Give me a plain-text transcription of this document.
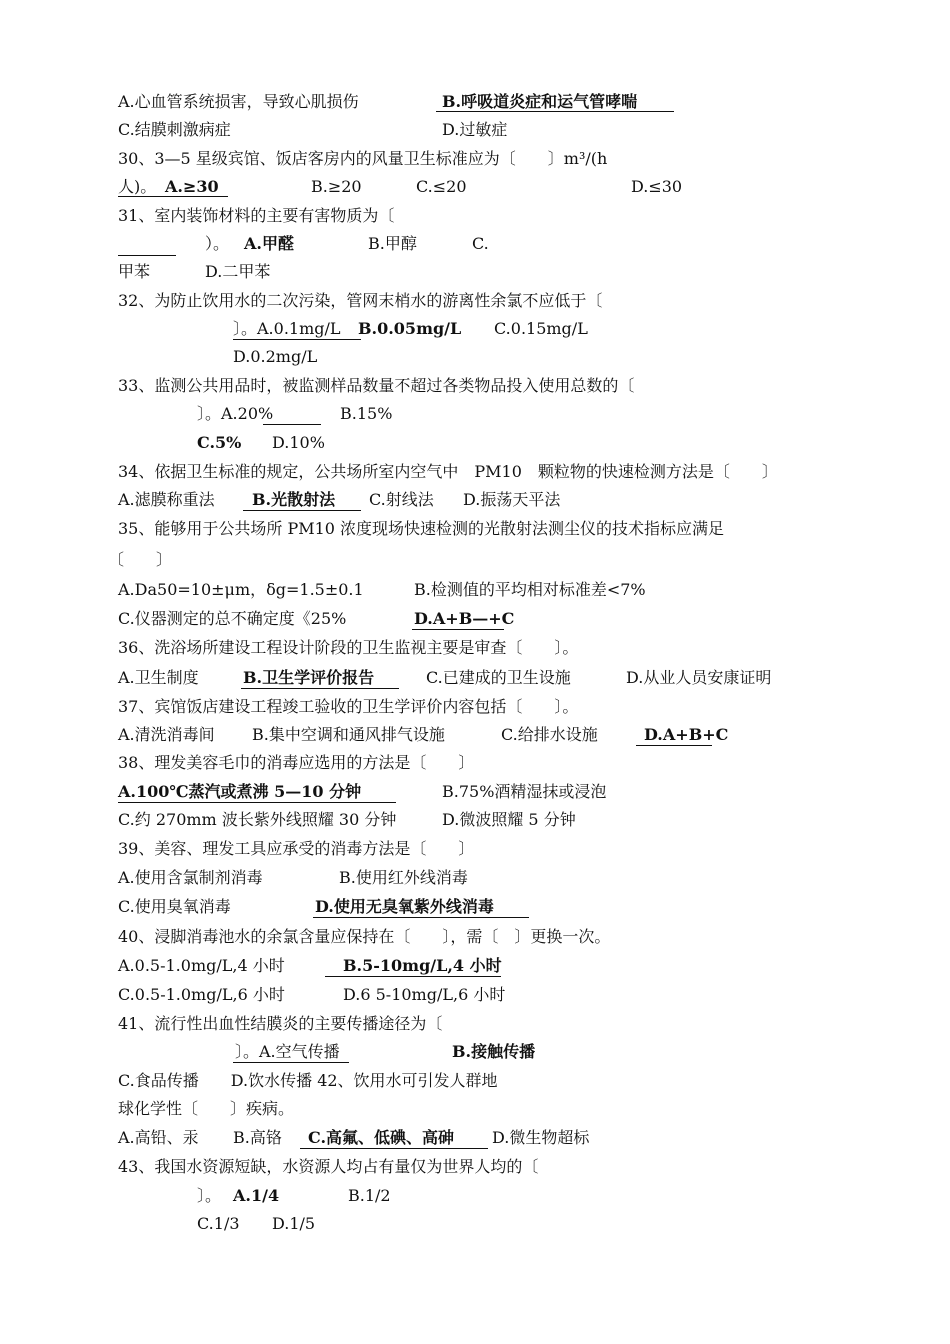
A.心血管系统损害，导致心肌损伤	B.呼吸道炎症和运气管哮喘
C.结膜刺激病症	D.过敏症
30、3—5 星级宾馆、饭店客房内的风量卫生标准应为〔　　〕m³/(h
人)。 A.≥30	B.≥20	C.≤20	D.≤30
31、室内装饰材料的主要有害物质为〔
）。 A.甲醛	B.甲醇	C.
甲苯	D.二甲苯
32、为防止饮用水的二次污染，管网末梢水的游离性余氯不应低于〔
〕。A.0.1mg/L B.0.05mg/L C.0.15mg/L
D.0.2mg/L
33、监测公共用品时，被监测样品数量不超过各类物品投入使用总数的〔
〕。A.20%	B.15%
C.5% D.10%
34、依据卫生标准的规定，公共场所室内空气中　PM10　颗粒物的快速检测方法是〔　　〕
A.滤膜称重法 B.光散射法 C.射线法 D.振荡天平法
35、能够用于公共场所 PM10 浓度现场快速检测的光散射法测尘仪的技术指标应满足
〔　　〕
A.Da50=10±μm，δg=1.5±0.1	B.检测值的平均相对标准差<7%
C.仪器测定的总不确定度《25%	D.A+B—+C
36、洗浴场所建设工程设计阶段的卫生监视主要是审查〔　　〕。
A.卫生制度	B.卫生学评价报告	C.已建成的卫生设施	D.从业人员安康证明
37、宾馆饭店建设工程竣工验收的卫生学评价内容包括〔　　〕。
A.清洗消毒间 B.集中空调和通风排气设施	C.给排水设施	D.A+B+C
38、理发美容毛巾的消毒应选用的方法是〔　　〕
A.100℃蒸汽或煮沸 5—10 分钟	B.75%酒精湿抹或浸泡
C.约 270mm 波长紫外线照耀 30 分钟	D.微波照耀 5 分钟
39、美容、理发工具应承受的消毒方法是〔　　〕
A.使用含氯制剂消毒	B.使用红外线消毒
C.使用臭氧消毒	D.使用无臭氧紫外线消毒
40、浸脚消毒池水的余氯含量应保持在〔　　〕，需〔　〕更换一次。
A.0.5-1.0mg/L,4 小时	B.5-10mg/L,4 小时
C.0.5-1.0mg/L,6 小时	D.6 5-10mg/L,6 小时
41、流行性出血性结膜炎的主要传播途径为〔
〕。A.空气传播	B.接触传播
C.食品传播　　D.饮水传播 42、饮用水可引发人群地
球化学性〔　　〕疾病。
A.高铅、汞 B.高铬 C.高氟、低碘、高砷 D.微生物超标
43、我国水资源短缺，水资源人均占有量仅为世界人均的〔
〕。 A.1/4	B.1/2
C.1/3 D.1/5
